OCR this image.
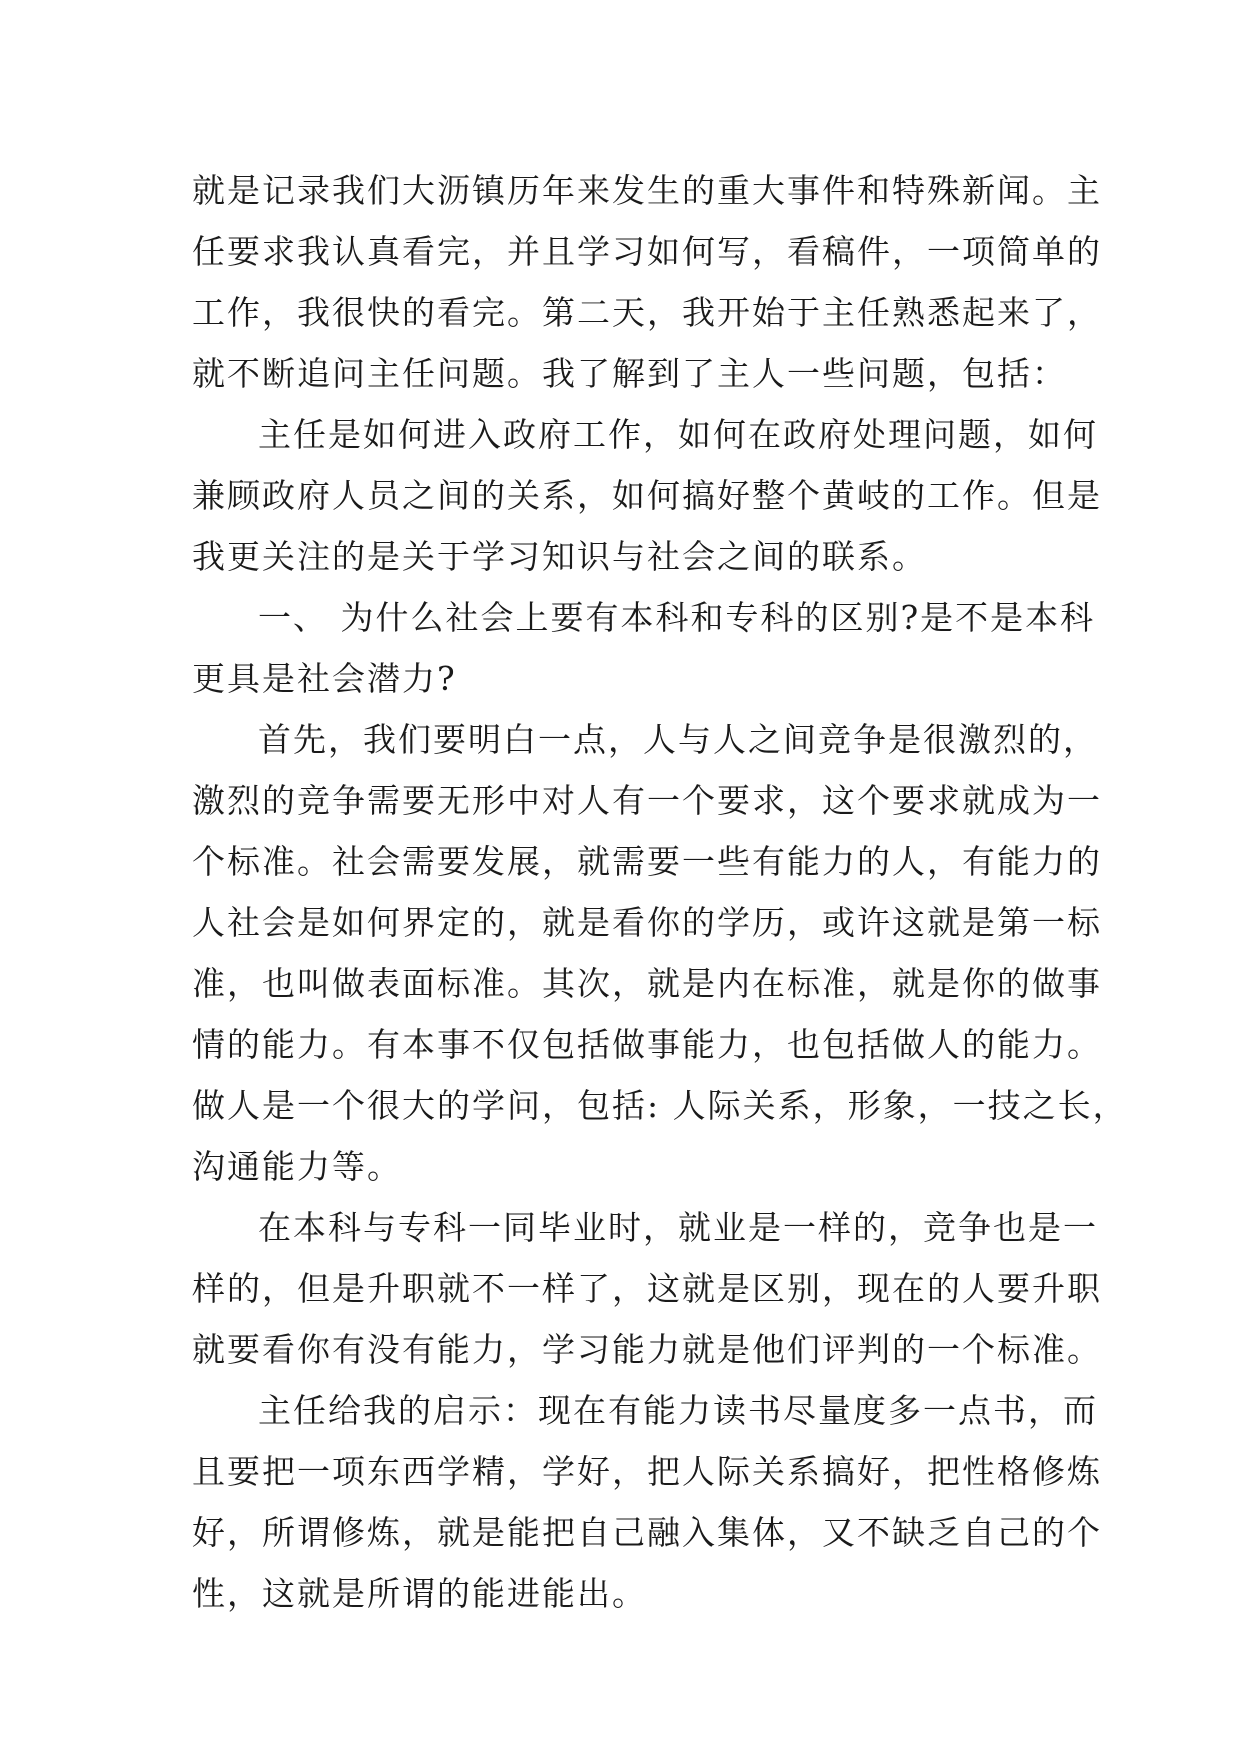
就是记录我们大沥镇历年来发生的重大事件和特殊新闻。主
任要求我认真看完，并且学习如何写，看稿件，一项简单的
工作，我很快的看完。第二天，我开始于主任熟悉起来了，
就不断追问主任问题。我了解到了主人一些问题，包括：
主任是如何进入政府工作，如何在政府处理问题，如何
兼顾政府人员之间的关系，如何搞好整个黄岐的工作。但是
我更关注的是关于学习知识与社会之间的联系。
一、 为什么社会上要有本科和专科的区别?是不是本科
更具是社会潜力?
首先，我们要明白一点，人与人之间竞争是很激烈的，
激烈的竞争需要无形中对人有一个要求，这个要求就成为一
个标准。社会需要发展，就需要一些有能力的人，有能力的
人社会是如何界定的，就是看你的学历，或许这就是第一标
准，也叫做表面标准。其次，就是内在标准，就是你的做事
情的能力。有本事不仅包括做事能力，也包括做人的能力。
做人是一个很大的学问，包括: 人际关系，形象，一技之长，
沟通能力等。
在本科与专科一同毕业时，就业是一样的，竞争也是一
样的，但是升职就不一样了，这就是区别，现在的人要升职
就要看你有没有能力，学习能力就是他们评判的一个标准。
主任给我的启示：现在有能力读书尽量度多一点书，而
且要把一项东西学精，学好，把人际关系搞好，把性格修炼
好，所谓修炼，就是能把自己融入集体，又不缺乏自己的个
性，这就是所谓的能进能出。
